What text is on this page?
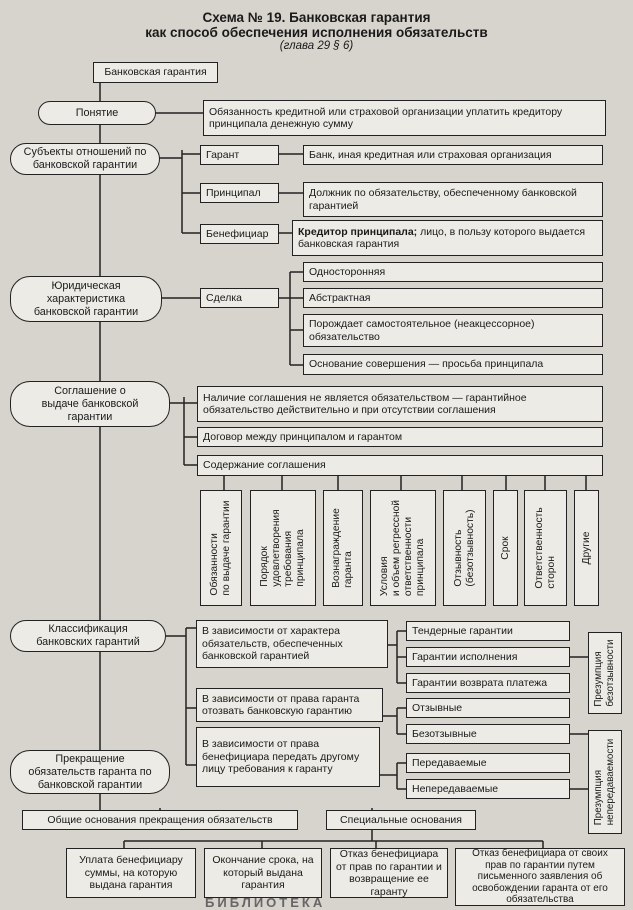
Схема № 19. Банковская гарантия
как способ обеспечения исполнения обязательств
(глава 29 § 6)
Банковская гарантия
Понятие	Обязанность кредитной или страховой организации уплатить кредитору принципала денежную сумму
Субъекты отношений по банковской гарантии
Гарант	Банк, иная кредитная или страховая организация
Принципал	Должник по обязательству, обеспеченному банковской гарантией
Бенефициар	Кредитор принципала; лицо, в пользу которого выдается банковская гарантия
Юридическая характеристика банковской гарантии
Сделка
Односторонняя
Абстрактная
Порождает самостоятельное (неакцессорное) обязательство
Основание совершения — просьба принципала
Соглашение о выдаче банковской гарантии
Наличие соглашения не является обязательством — гарантийное обязательство действительно и при отсутствии соглашения
Договор между принципалом и гарантом
Содержание соглашения
Обязанности по выдаче гарантии	Порядок удовлетворения требования принципала Вознаграждение гаранта Условия и объем регрессной ответственности принципала	Отзывность (безотзывность) Срок Ответственность сторон
Другие
Классификация банковских гарантий
В зависимости от характера обязательств, обеспеченных банковской гарантией
Тендерные гарантии
Гарантии исполнения
Гарантии возврата платежа
В зависимости от права гаранта отозвать банковскую гарантию	Отзывные
Безотзывные
В зависимости от права бенефициара передать другому лицу требования к гаранту
Передаваемые
Непередаваемые
Презумпция безотзывности
Презумпция непередаваемости
Прекращение обязательств гаранта по банковской гарантии
Общие основания прекращения обязательств	Специальные основания
Уплата бенефициару суммы, на которую выдана гарантия
Окончание срока, на который выдана гарантия
Отказ бенефициара от прав по гарантии и возвращение ее гаранту
Отказ бенефициара от своих прав по гарантии путем письменного заявления об освобождении гаранта от его обязательства
БИБЛИОТЕКА
